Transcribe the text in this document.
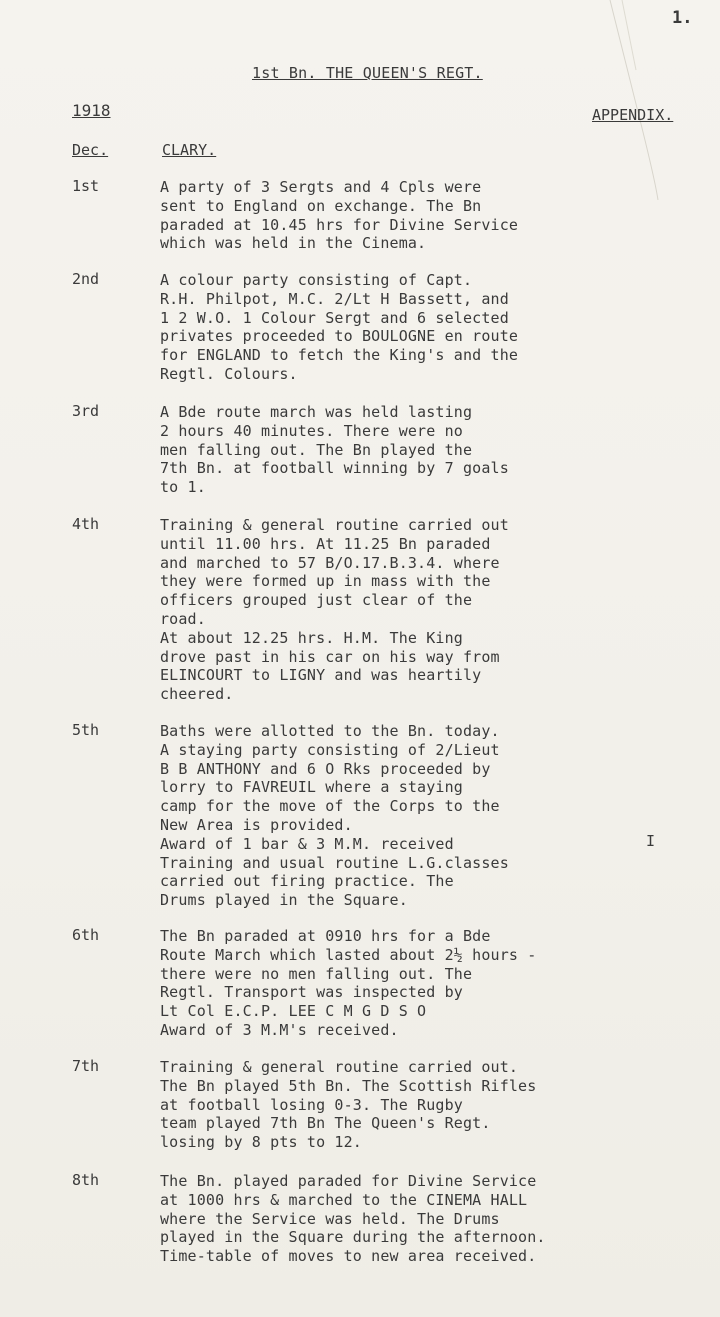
1.
1st Bn. THE QUEEN'S REGT.
1918	APPENDIX.
Dec.	CLARY.
1st	A party of 3 Sergts and 4 Cpls were
sent to England on exchange. The Bn
paraded at 10.45 hrs for Divine Service
which was held in the Cinema.
2nd	A colour party consisting of Capt.
R.H. Philpot, M.C. 2/Lt H Bassett, and
1 2 W.O. 1 Colour Sergt and 6 selected
privates proceeded to BOULOGNE en route
for ENGLAND to fetch the King's and the
Regtl. Colours.
3rd	A Bde route march was held lasting
2 hours 40 minutes. There were no
men falling out. The Bn played the
7th Bn. at football winning by 7 goals
to 1.
4th	Training & general routine carried out
until 11.00 hrs. At 11.25 Bn paraded
and marched to 57 B/O.17.B.3.4. where
they were formed up in mass with the
officers grouped just clear of the
road.
At about 12.25 hrs. H.M. The King
drove past in his car on his way from
ELINCOURT to LIGNY and was heartily
cheered.
5th	Baths were allotted to the Bn. today.
A staying party consisting of 2/Lieut
B B ANTHONY and 6 O Rks proceeded by
lorry to FAVREUIL where a staying
camp for the move of the Corps to the
New Area is provided.
Award of 1 bar & 3 M.M. received
Training and usual routine L.G.classes
carried out firing practice. The
Drums played in the Square.
I
6th	The Bn paraded at 0910 hrs for a Bde
Route March which lasted about 2½ hours -
there were no men falling out. The
Regtl. Transport was inspected by
Lt Col E.C.P. LEE C M G D S O
Award of 3 M.M's received.
7th	Training & general routine carried out.
The Bn played 5th Bn. The Scottish Rifles
at football losing 0-3. The Rugby
team played 7th Bn The Queen's Regt.
losing by 8 pts to 12.
8th	The Bn. played paraded for Divine Service
at 1000 hrs & marched to the CINEMA HALL
where the Service was held. The Drums
played in the Square during the afternoon.
Time-table of moves to new area received.
